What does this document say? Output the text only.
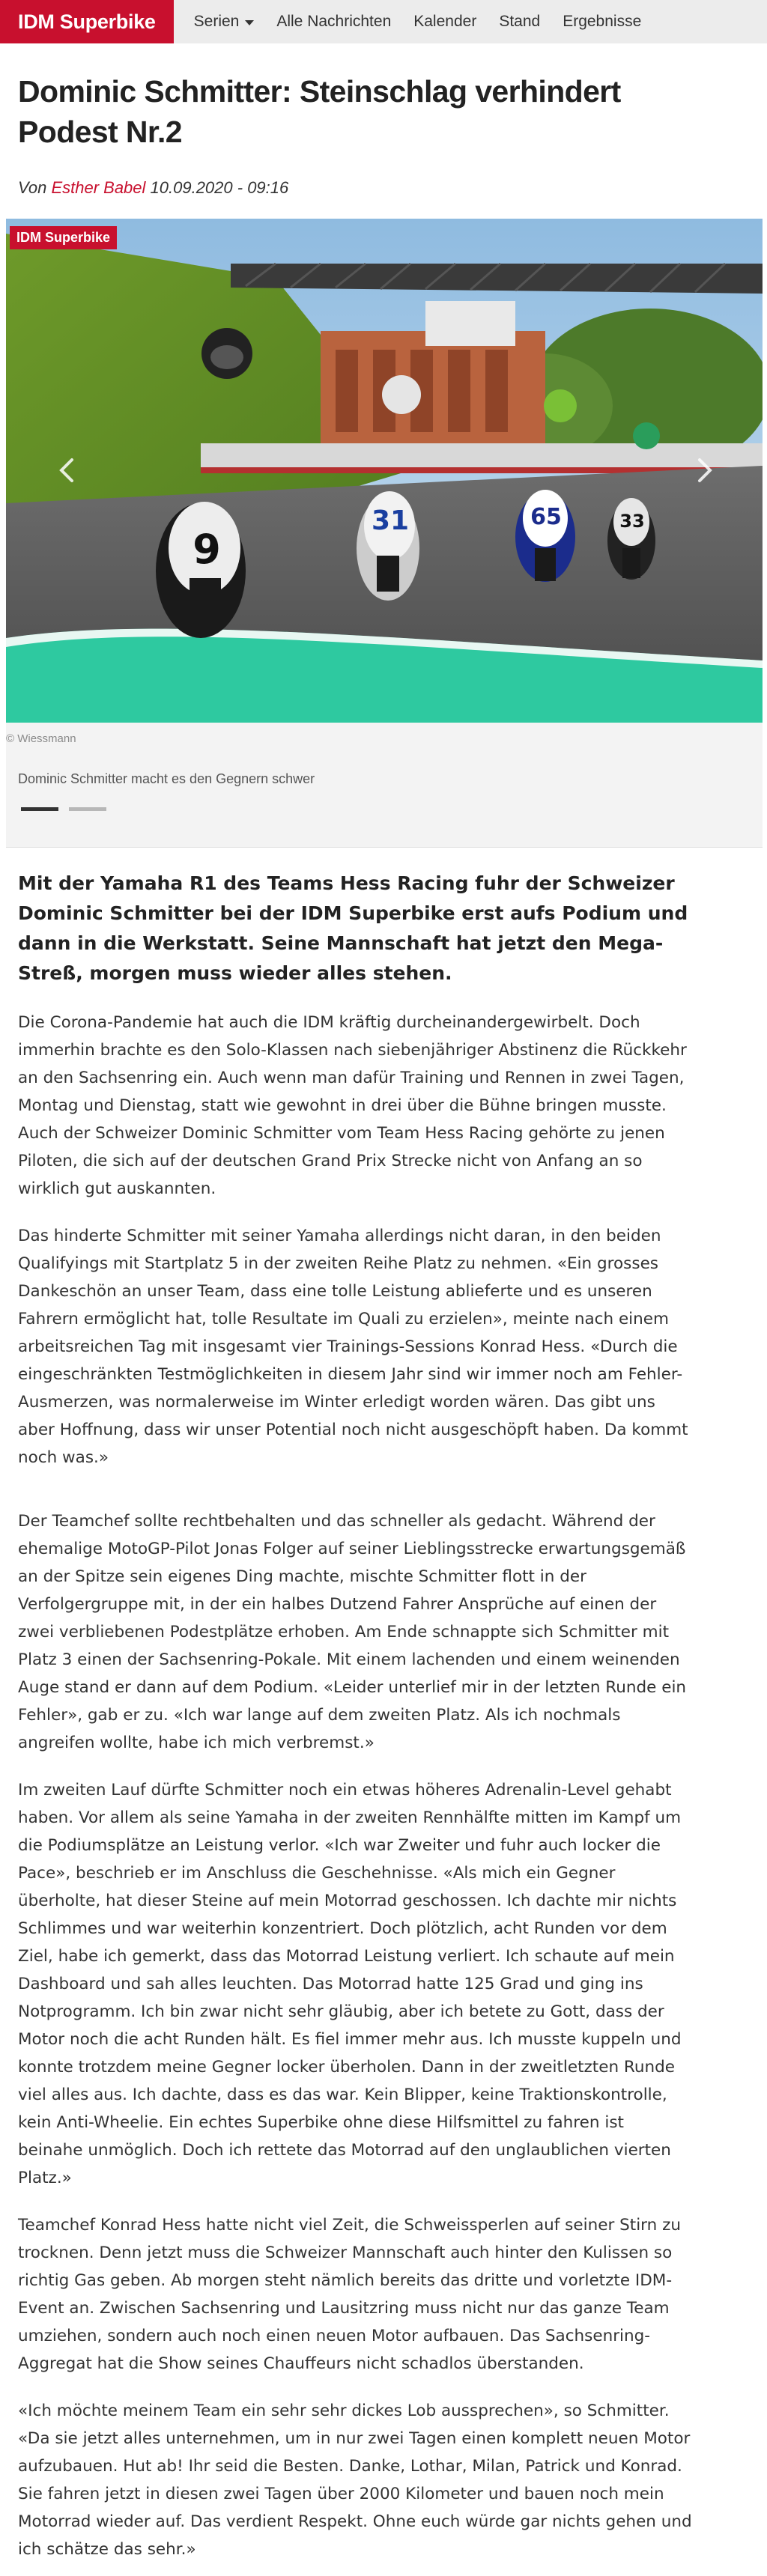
IDM Superbike	Serien Alle Nachrichten Kalender Stand Ergebnisse
Dominic Schmitter: Steinschlag verhindert Podest Nr.2
Von Esther Babel 10.09.2020 - 09:16
9
31	65	33
IDM Superbike
© Wiessmann
Dominic Schmitter macht es den Gegnern schwer

Mit der Yamaha R1 des Teams Hess Racing fuhr der Schweizer Dominic Schmitter bei der IDM Superbike erst aufs Podium und dann in die Werkstatt. Seine Mannschaft hat jetzt den Mega-Streß, morgen muss wieder alles stehen.

Die Corona-Pandemie hat auch die IDM kräftig durcheinandergewirbelt. Doch immerhin brachte es den Solo-Klassen nach siebenjähriger Abstinenz die Rückkehr an den Sachsenring ein. Auch wenn man dafür Training und Rennen in zwei Tagen, Montag und Dienstag, statt wie gewohnt in drei über die Bühne bringen musste. Auch der Schweizer Dominic Schmitter vom Team Hess Racing gehörte zu jenen Piloten, die sich auf der deutschen Grand Prix Strecke nicht von Anfang an so wirklich gut auskannten.

Das hinderte Schmitter mit seiner Yamaha allerdings nicht daran, in den beiden Qualifyings mit Startplatz 5 in der zweiten Reihe Platz zu nehmen. «Ein grosses Dankeschön an unser Team, dass eine tolle Leistung ablieferte und es unseren Fahrern ermöglicht hat, tolle Resultate im Quali zu erzielen», meinte nach einem arbeitsreichen Tag mit insgesamt vier Trainings-Sessions Konrad Hess. «Durch die eingeschränkten Testmöglichkeiten in diesem Jahr sind wir immer noch am Fehler-Ausmerzen, was normalerweise im Winter erledigt worden wären. Das gibt uns aber Hoffnung, dass wir unser Potential noch nicht ausgeschöpft haben. Da kommt noch was.»

Der Teamchef sollte rechtbehalten und das schneller als gedacht. Während der ehemalige MotoGP-Pilot Jonas Folger auf seiner Lieblingsstrecke erwartungsgemäß an der Spitze sein eigenes Ding machte, mischte Schmitter flott in der Verfolgergruppe mit, in der ein halbes Dutzend Fahrer Ansprüche auf einen der zwei verbliebenen Podestplätze erhoben. Am Ende schnappte sich Schmitter mit Platz 3 einen der Sachsenring-Pokale. Mit einem lachenden und einem weinenden Auge stand er dann auf dem Podium. «Leider unterlief mir in der letzten Runde ein Fehler», gab er zu. «Ich war lange auf dem zweiten Platz. Als ich nochmals angreifen wollte, habe ich mich verbremst.»

Im zweiten Lauf dürfte Schmitter noch ein etwas höheres Adrenalin-Level gehabt haben. Vor allem als seine Yamaha in der zweiten Rennhälfte mitten im Kampf um die Podiumsplätze an Leistung verlor. «Ich war Zweiter und fuhr auch locker die Pace», beschrieb er im Anschluss die Geschehnisse. «Als mich ein Gegner überholte, hat dieser Steine auf mein Motorrad geschossen. Ich dachte mir nichts Schlimmes und war weiterhin konzentriert. Doch plötzlich, acht Runden vor dem Ziel, habe ich gemerkt, dass das Motorrad Leistung verliert. Ich schaute auf mein Dashboard und sah alles leuchten. Das Motorrad hatte 125 Grad und ging ins Notprogramm. Ich bin zwar nicht sehr gläubig, aber ich betete zu Gott, dass der Motor noch die acht Runden hält. Es fiel immer mehr aus. Ich musste kuppeln und konnte trotzdem meine Gegner locker überholen. Dann in der zweitletzten Runde viel alles aus. Ich dachte, dass es das war. Kein Blipper, keine Traktionskontrolle, kein Anti-Wheelie. Ein echtes Superbike ohne diese Hilfsmittel zu fahren ist beinahe unmöglich. Doch ich rettete das Motorrad auf den unglaublichen vierten Platz.»

Teamchef Konrad Hess hatte nicht viel Zeit, die Schweissperlen auf seiner Stirn zu trocknen. Denn jetzt muss die Schweizer Mannschaft auch hinter den Kulissen so richtig Gas geben. Ab morgen steht nämlich bereits das dritte und vorletzte IDM-Event an. Zwischen Sachsenring und Lausitzring muss nicht nur das ganze Team umziehen, sondern auch noch einen neuen Motor aufbauen. Das Sachsenring-Aggregat hat die Show seines Chauffeurs nicht schadlos überstanden.

«Ich möchte meinem Team ein sehr sehr dickes Lob aussprechen», so Schmitter. «Da sie jetzt alles unternehmen, um in nur zwei Tagen einen komplett neuen Motor aufzubauen. Hut ab! Ihr seid die Besten. Danke, Lothar, Milan, Patrick und Konrad. Sie fahren jetzt in diesen zwei Tagen über 2000 Kilometer und bauen noch mein Motorrad wieder auf. Das verdient Respekt. Ohne euch würde gar nichts gehen und ich schätze das sehr.»
